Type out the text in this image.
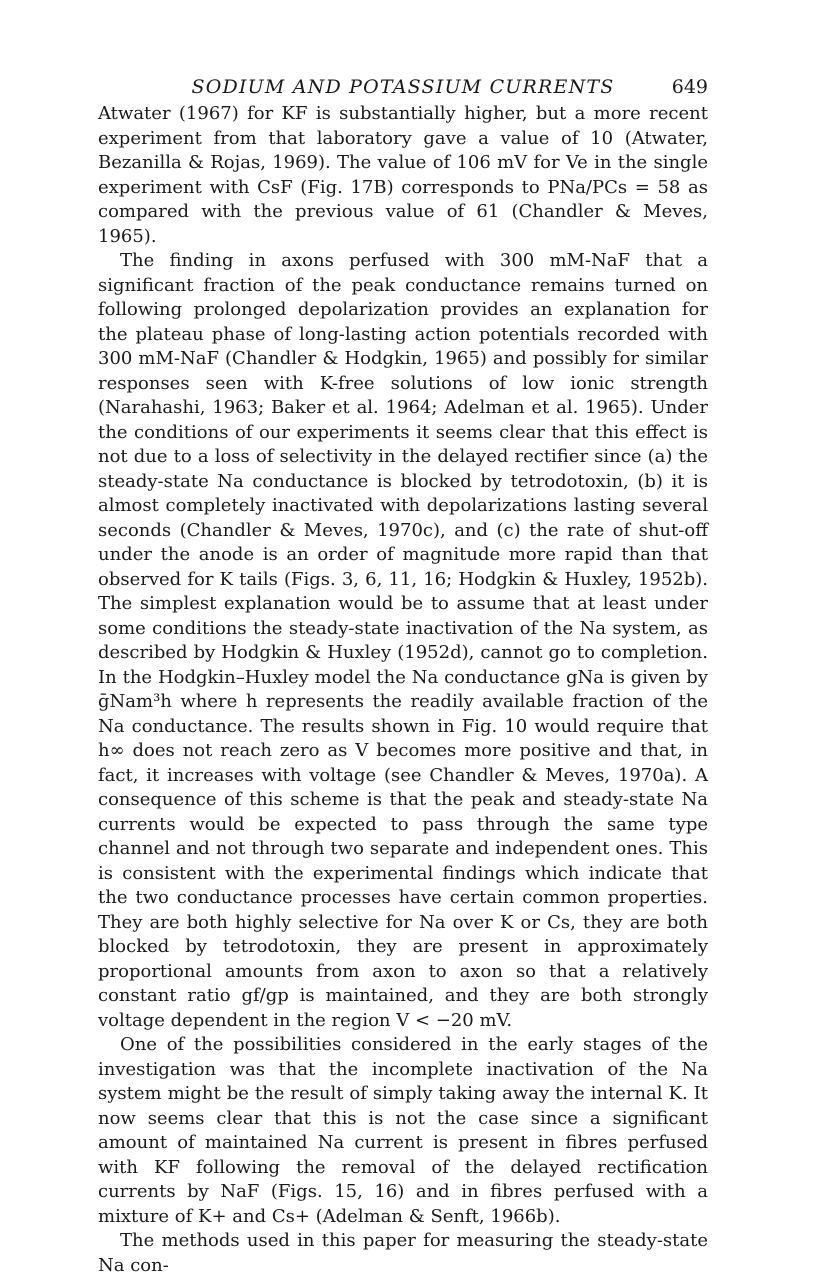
SODIUM AND POTASSIUM CURRENTS	649

Atwater (1967) for KF is substantially higher, but a more recent experiment from that laboratory gave a value of 10 (Atwater, Bezanilla & Rojas, 1969). The value of 106 mV for Ve in the single experiment with CsF (Fig. 17B) corresponds to PNa/PCs = 58 as compared with the previous value of 61 (Chandler & Meves, 1965).

The finding in axons perfused with 300 mM-NaF that a significant fraction of the peak conductance remains turned on following prolonged depolarization provides an explanation for the plateau phase of long-lasting action potentials recorded with 300 mM-NaF (Chandler & Hodgkin, 1965) and possibly for similar responses seen with K-free solutions of low ionic strength (Narahashi, 1963; Baker et al. 1964; Adelman et al. 1965). Under the conditions of our experiments it seems clear that this effect is not due to a loss of selectivity in the delayed rectifier since (a) the steady-state Na conductance is blocked by tetrodotoxin, (b) it is almost completely inactivated with depolarizations lasting several seconds (Chandler & Meves, 1970c), and (c) the rate of shut-off under the anode is an order of magnitude more rapid than that observed for K tails (Figs. 3, 6, 11, 16; Hodgkin & Huxley, 1952b). The simplest explanation would be to assume that at least under some conditions the steady-state inactivation of the Na system, as described by Hodgkin & Huxley (1952d), cannot go to completion. In the Hodgkin–Huxley model the Na conductance gNa is given by ḡNam³h where h represents the readily available fraction of the Na conductance. The results shown in Fig. 10 would require that h∞ does not reach zero as V becomes more positive and that, in fact, it increases with voltage (see Chandler & Meves, 1970a). A consequence of this scheme is that the peak and steady-state Na currents would be expected to pass through the same type channel and not through two separate and independent ones. This is consistent with the experimental findings which indicate that the two conductance processes have certain common properties. They are both highly selective for Na over K or Cs, they are both blocked by tetrodotoxin, they are present in approximately proportional amounts from axon to axon so that a relatively constant ratio gf/gp is maintained, and they are both strongly voltage dependent in the region V < −20 mV.

One of the possibilities considered in the early stages of the investigation was that the incomplete inactivation of the Na system might be the result of simply taking away the internal K. It now seems clear that this is not the case since a significant amount of maintained Na current is present in fibres perfused with KF following the removal of the delayed rectification currents by NaF (Figs. 15, 16) and in fibres perfused with a mixture of K+ and Cs+ (Adelman & Senft, 1966b).

The methods used in this paper for measuring the steady-state Na con-
